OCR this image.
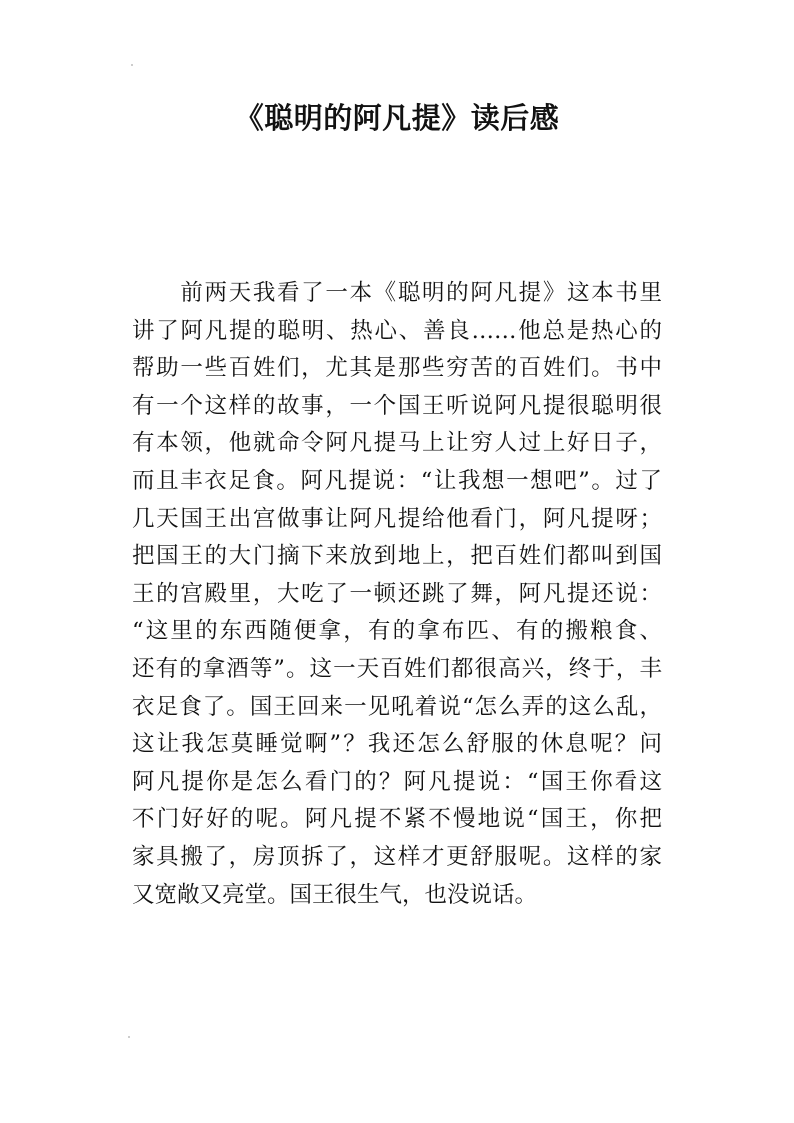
《聪明的阿凡提》读后感
　　前两天我看了一本《聪明的阿凡提》这本书里
讲了阿凡提的聪明、热心、善良……他总是热心的
帮助一些百姓们，尤其是那些穷苦的百姓们。书中
有一个这样的故事，一个国王听说阿凡提很聪明很
有本领，他就命令阿凡提马上让穷人过上好日子，
而且丰衣足食。阿凡提说：“让我想一想吧”。过了
几天国王出宫做事让阿凡提给他看门，阿凡提呀；
把国王的大门摘下来放到地上，把百姓们都叫到国
王的宫殿里，大吃了一顿还跳了舞，阿凡提还说：
“这里的东西随便拿，有的拿布匹、有的搬粮食、
还有的拿酒等”。这一天百姓们都很高兴，终于，丰
衣足食了。国王回来一见吼着说“怎么弄的这么乱，
这让我怎莫睡觉啊”？我还怎么舒服的休息呢？问
阿凡提你是怎么看门的？阿凡提说：“国王你看这
不门好好的呢。阿凡提不紧不慢地说“国王，你把
家具搬了，房顶拆了，这样才更舒服呢。这样的家
又宽敞又亮堂。国王很生气，也没说话。
